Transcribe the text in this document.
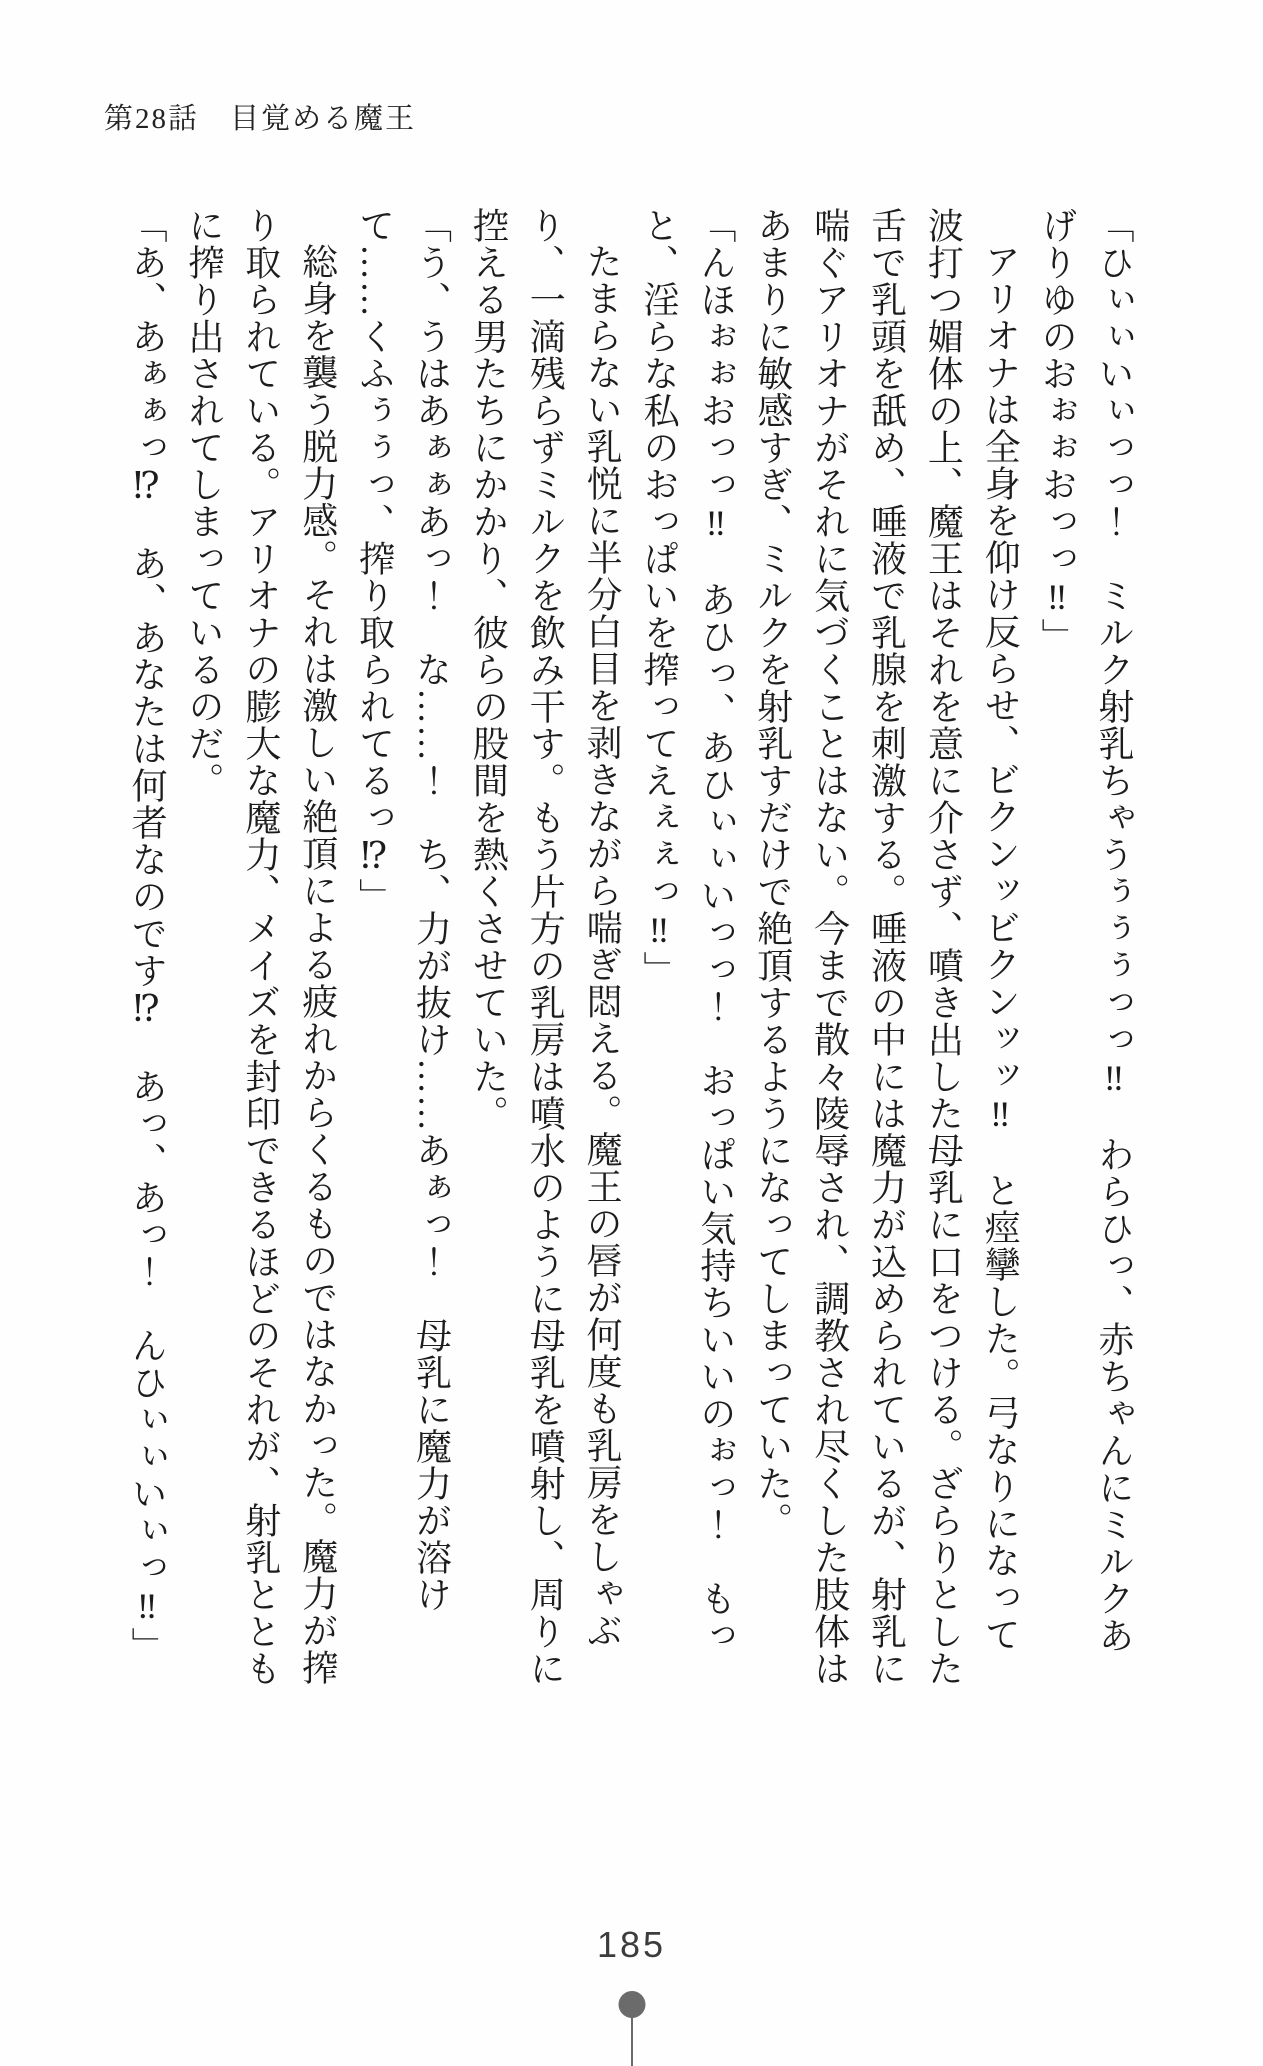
第28話　目覚める魔王

「ひぃぃいぃっっ！　ミルク射乳ちゃうぅぅぅっっ‼　わらひっ、赤ちゃんにミルクあげりゆのおぉぉおっっ‼」

アリオナは全身を仰け反らせ、ビクンッビクンッッ‼　と痙攣した。弓なりになって波打つ媚体の上、魔王はそれを意に介さず、噴き出した母乳に口をつける。ざらりとした舌で乳頭を舐め、唾液で乳腺を刺激する。唾液の中には魔力が込められているが、射乳に喘ぐアリオナがそれに気づくことはない。今まで散々陵辱され、調教され尽くした肢体はあまりに敏感すぎ、ミルクを射乳すだけで絶頂するようになってしまっていた。

「んほぉぉおっっ‼　あひっ、あひぃぃいっっ！　おっぱい気持ちいいのぉっ！　もっと、淫らな私のおっぱいを搾ってえぇぇっ‼」

たまらない乳悦に半分白目を剥きながら喘ぎ悶える。魔王の唇が何度も乳房をしゃぶり、一滴残らずミルクを飲み干す。もう片方の乳房は噴水のように母乳を噴射し、周りに控える男たちにかかり、彼らの股間を熱くさせていた。

「う、うはあぁぁあっ！　な……！　ち、力が抜け……あぁっ！　母乳に魔力が溶けて……くふぅぅっ、搾り取られてるっ⁉」

総身を襲う脱力感。それは激しい絶頂による疲れからくるものではなかった。魔力が搾り取られている。アリオナの膨大な魔力、メイズを封印できるほどのそれが、射乳とともに搾り出されてしまっているのだ。

「あ、あぁぁっ⁉　あ、あなたは何者なのです⁉　あっ、あっ！　んひぃぃいぃっ‼」

185
